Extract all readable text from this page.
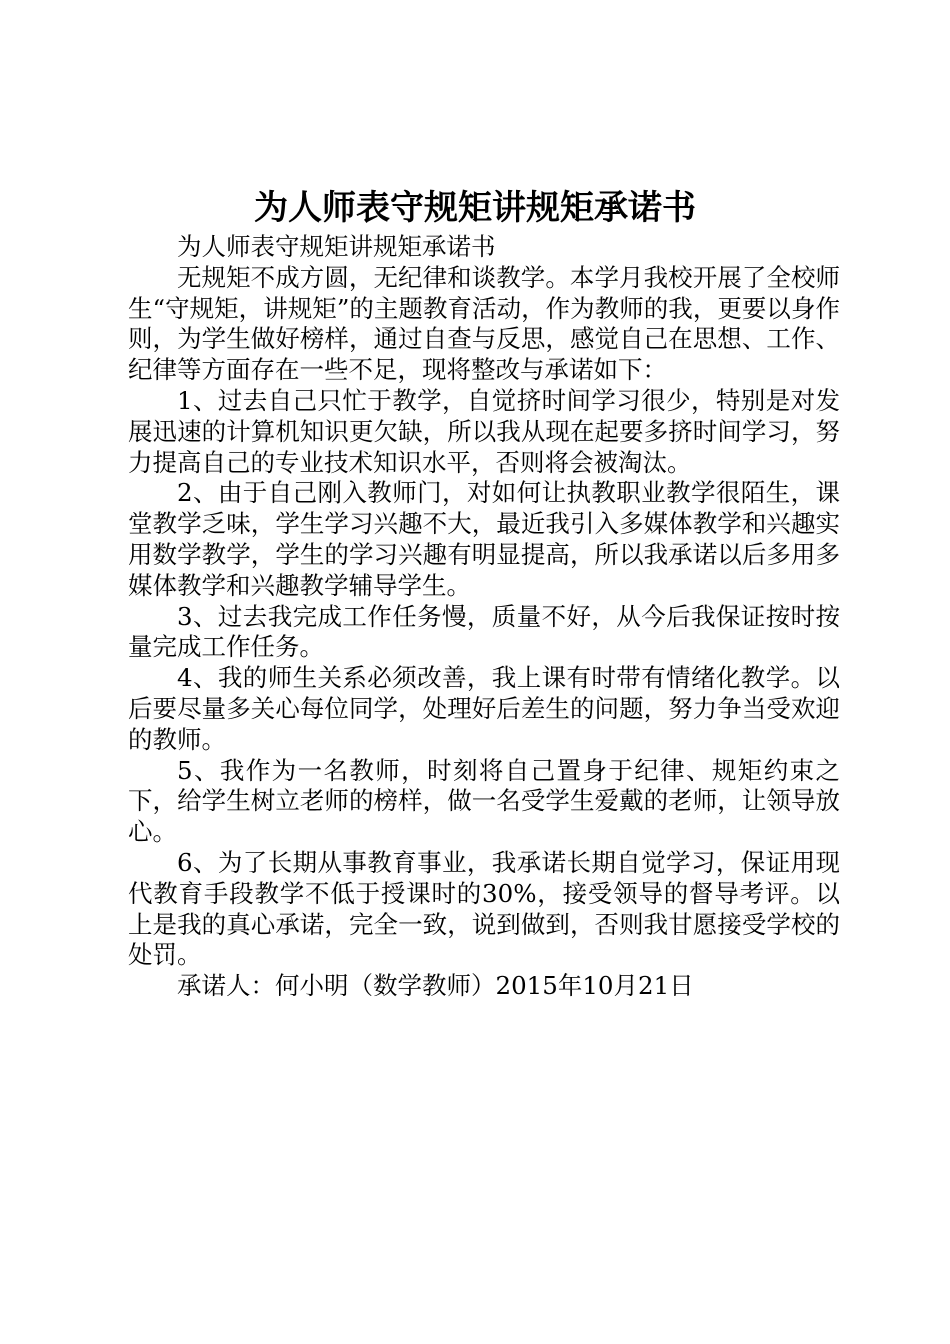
为人师表守规矩讲规矩承诺书

为人师表守规矩讲规矩承诺书

无规矩不成方圆，无纪律和谈教学。本学月我校开展了全校师生“守规矩，讲规矩”的主题教育活动，作为教师的我，更要以身作则，为学生做好榜样，通过自查与反思，感觉自己在思想、工作、纪律等方面存在一些不足，现将整改与承诺如下：

1、过去自己只忙于教学，自觉挤时间学习很少，特别是对发展迅速的计算机知识更欠缺，所以我从现在起要多挤时间学习，努力提高自己的专业技术知识水平，否则将会被淘汰。

2、由于自己刚入教师门，对如何让执教职业教学很陌生，课堂教学乏味，学生学习兴趣不大，最近我引入多媒体教学和兴趣实用数学教学，学生的学习兴趣有明显提高，所以我承诺以后多用多媒体教学和兴趣教学辅导学生。

3、过去我完成工作任务慢，质量不好，从今后我保证按时按量完成工作任务。

4、我的师生关系必须改善，我上课有时带有情绪化教学。以后要尽量多关心每位同学，处理好后差生的问题，努力争当受欢迎的教师。

5、我作为一名教师，时刻将自己置身于纪律、规矩约束之下，给学生树立老师的榜样，做一名受学生爱戴的老师，让领导放心。

6、为了长期从事教育事业，我承诺长期自觉学习，保证用现代教育手段教学不低于授课时的30%，接受领导的督导考评。以上是我的真心承诺，完全一致，说到做到，否则我甘愿接受学校的处罚。

承诺人：何小明（数学教师）2015年10月21日
